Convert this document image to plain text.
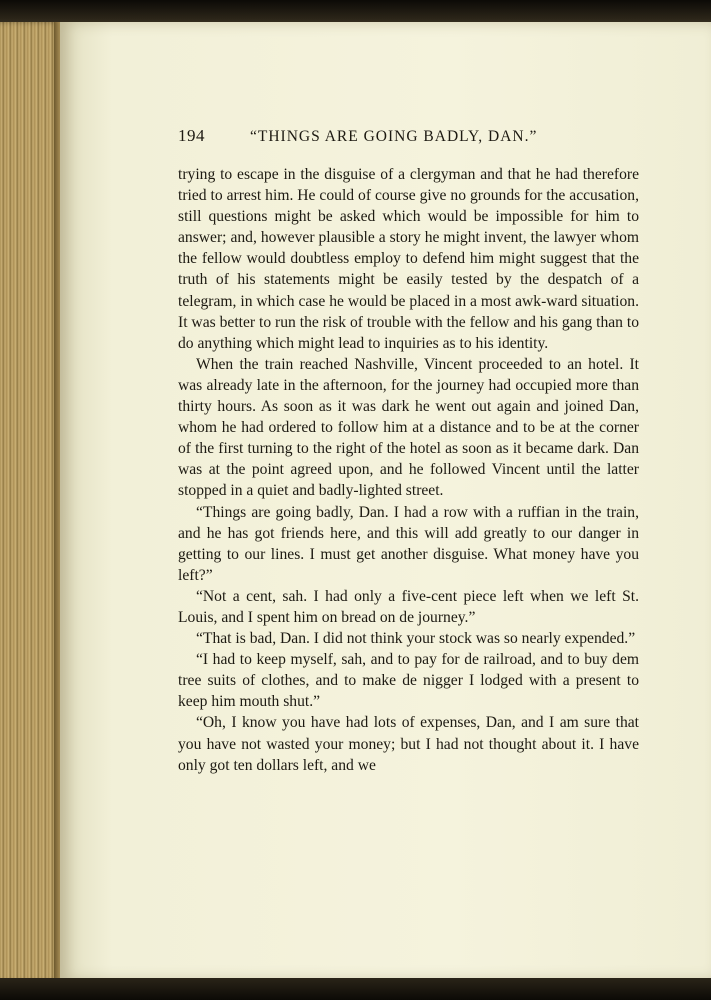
194	“THINGS ARE GOING BADLY, DAN.”

trying to escape in the disguise of a clergyman and that he had therefore tried to arrest him. He could of course give no grounds for the accusation, still questions might be asked which would be impossible for him to answer; and, however plausible a story he might invent, the lawyer whom the fellow would doubtless employ to defend him might suggest that the truth of his statements might be easily tested by the despatch of a telegram, in which case he would be placed in a most awk-ward situation. It was better to run the risk of trouble with the fellow and his gang than to do anything which might lead to inquiries as to his identity.

When the train reached Nashville, Vincent proceeded to an hotel. It was already late in the afternoon, for the journey had occupied more than thirty hours. As soon as it was dark he went out again and joined Dan, whom he had ordered to follow him at a distance and to be at the corner of the first turning to the right of the hotel as soon as it became dark. Dan was at the point agreed upon, and he followed Vincent until the latter stopped in a quiet and badly-lighted street.

“Things are going badly, Dan. I had a row with a ruffian in the train, and he has got friends here, and this will add greatly to our danger in getting to our lines. I must get another disguise. What money have you left?”

“Not a cent, sah. I had only a five-cent piece left when we left St. Louis, and I spent him on bread on de journey.”

“That is bad, Dan. I did not think your stock was so nearly expended.”

“I had to keep myself, sah, and to pay for de railroad, and to buy dem tree suits of clothes, and to make de nigger I lodged with a present to keep him mouth shut.”

“Oh, I know you have had lots of expenses, Dan, and I am sure that you have not wasted your money; but I had not thought about it. I have only got ten dollars left, and we
